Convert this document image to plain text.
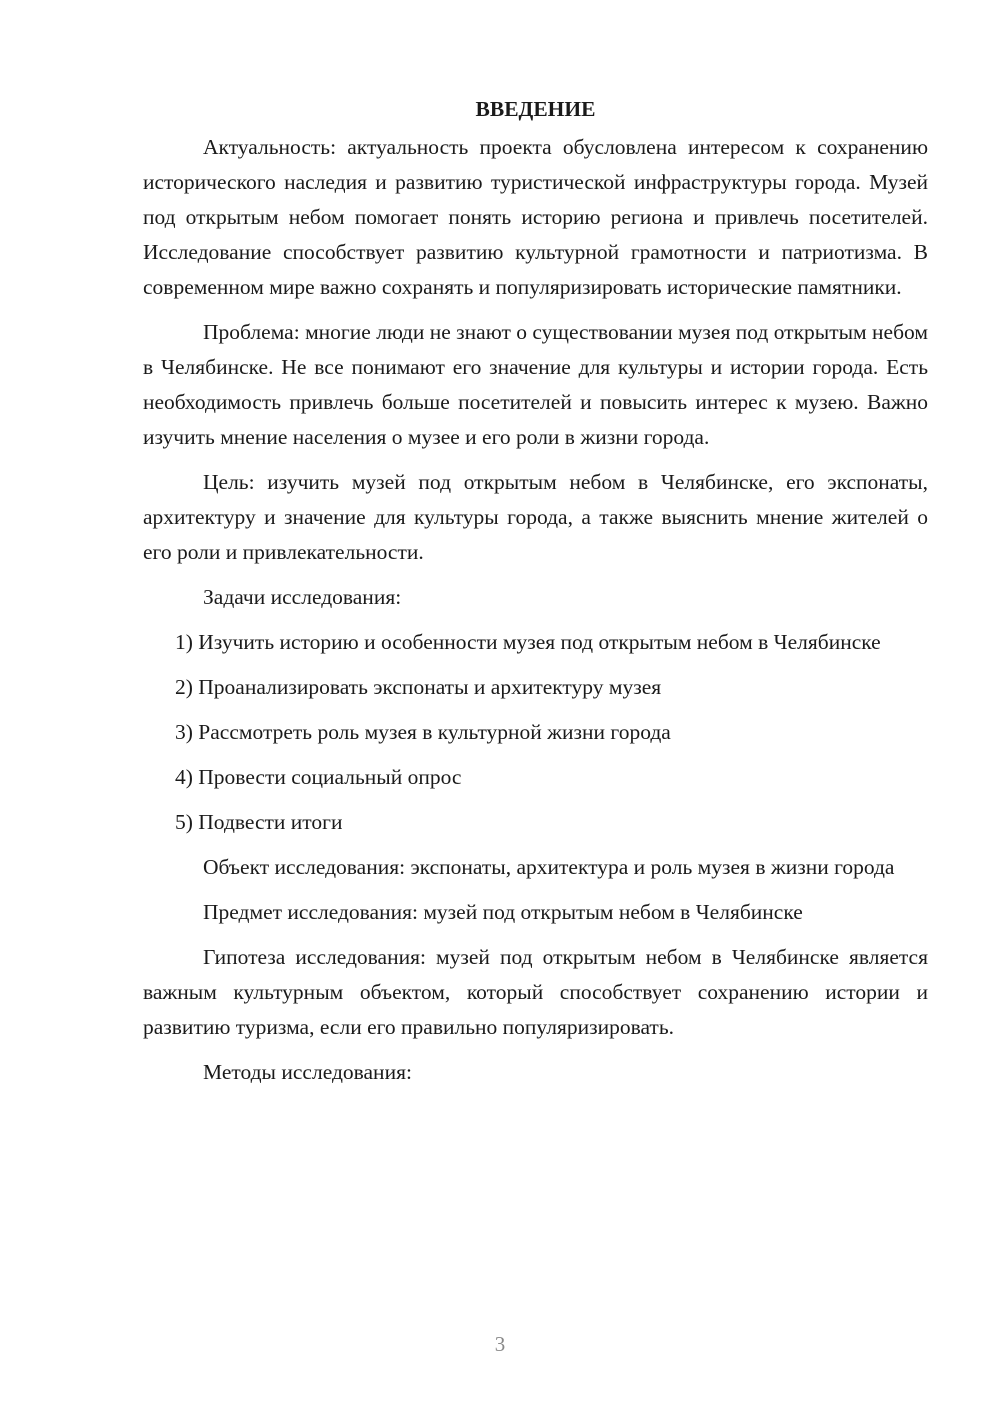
ВВЕДЕНИЕ

Актуальность: актуальность проекта обусловлена интересом к сохранению исторического наследия и развитию туристической инфраструктуры города. Музей под открытым небом помогает понять историю региона и привлечь посетителей. Исследование способствует развитию культурной грамотности и патриотизма. В современном мире важно сохранять и популяризировать исторические памятники.

Проблема: многие люди не знают о существовании музея под открытым небом в Челябинске. Не все понимают его значение для культуры и истории города. Есть необходимость привлечь больше посетителей и повысить интерес к музею. Важно изучить мнение населения о музее и его роли в жизни города.

Цель: изучить музей под открытым небом в Челябинске, его экспонаты, архитектуру и значение для культуры города, а также выяснить мнение жителей о его роли и привлекательности.

Задачи исследования:

1) Изучить историю и особенности музея под открытым небом в Челябинске

2) Проанализировать экспонаты и архитектуру музея

3) Рассмотреть роль музея в культурной жизни города

4) Провести социальный опрос

5) Подвести итоги

Объект исследования: экспонаты, архитектура и роль музея в жизни города

Предмет исследования: музей под открытым небом в Челябинске

Гипотеза исследования: музей под открытым небом в Челябинске является важным культурным объектом, который способствует сохранению истории и развитию туризма, если его правильно популяризировать.

Методы исследования:

3
